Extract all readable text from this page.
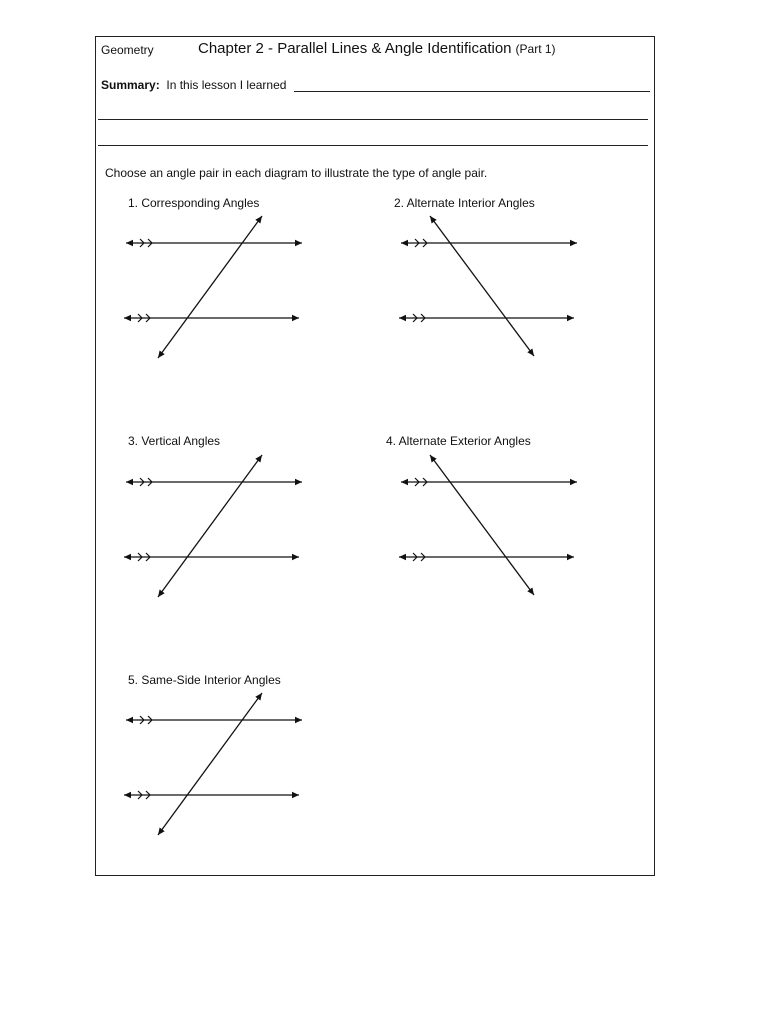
Geometry	Chapter 2 - Parallel Lines & Angle Identification (Part 1)
Summary: In this lesson I learned
Choose an angle pair in each diagram to illustrate the type of angle pair.
1. Corresponding Angles	2. Alternate Interior Angles
3. Vertical Angles	4. Alternate Exterior Angles
5. Same-Side Interior Angles
